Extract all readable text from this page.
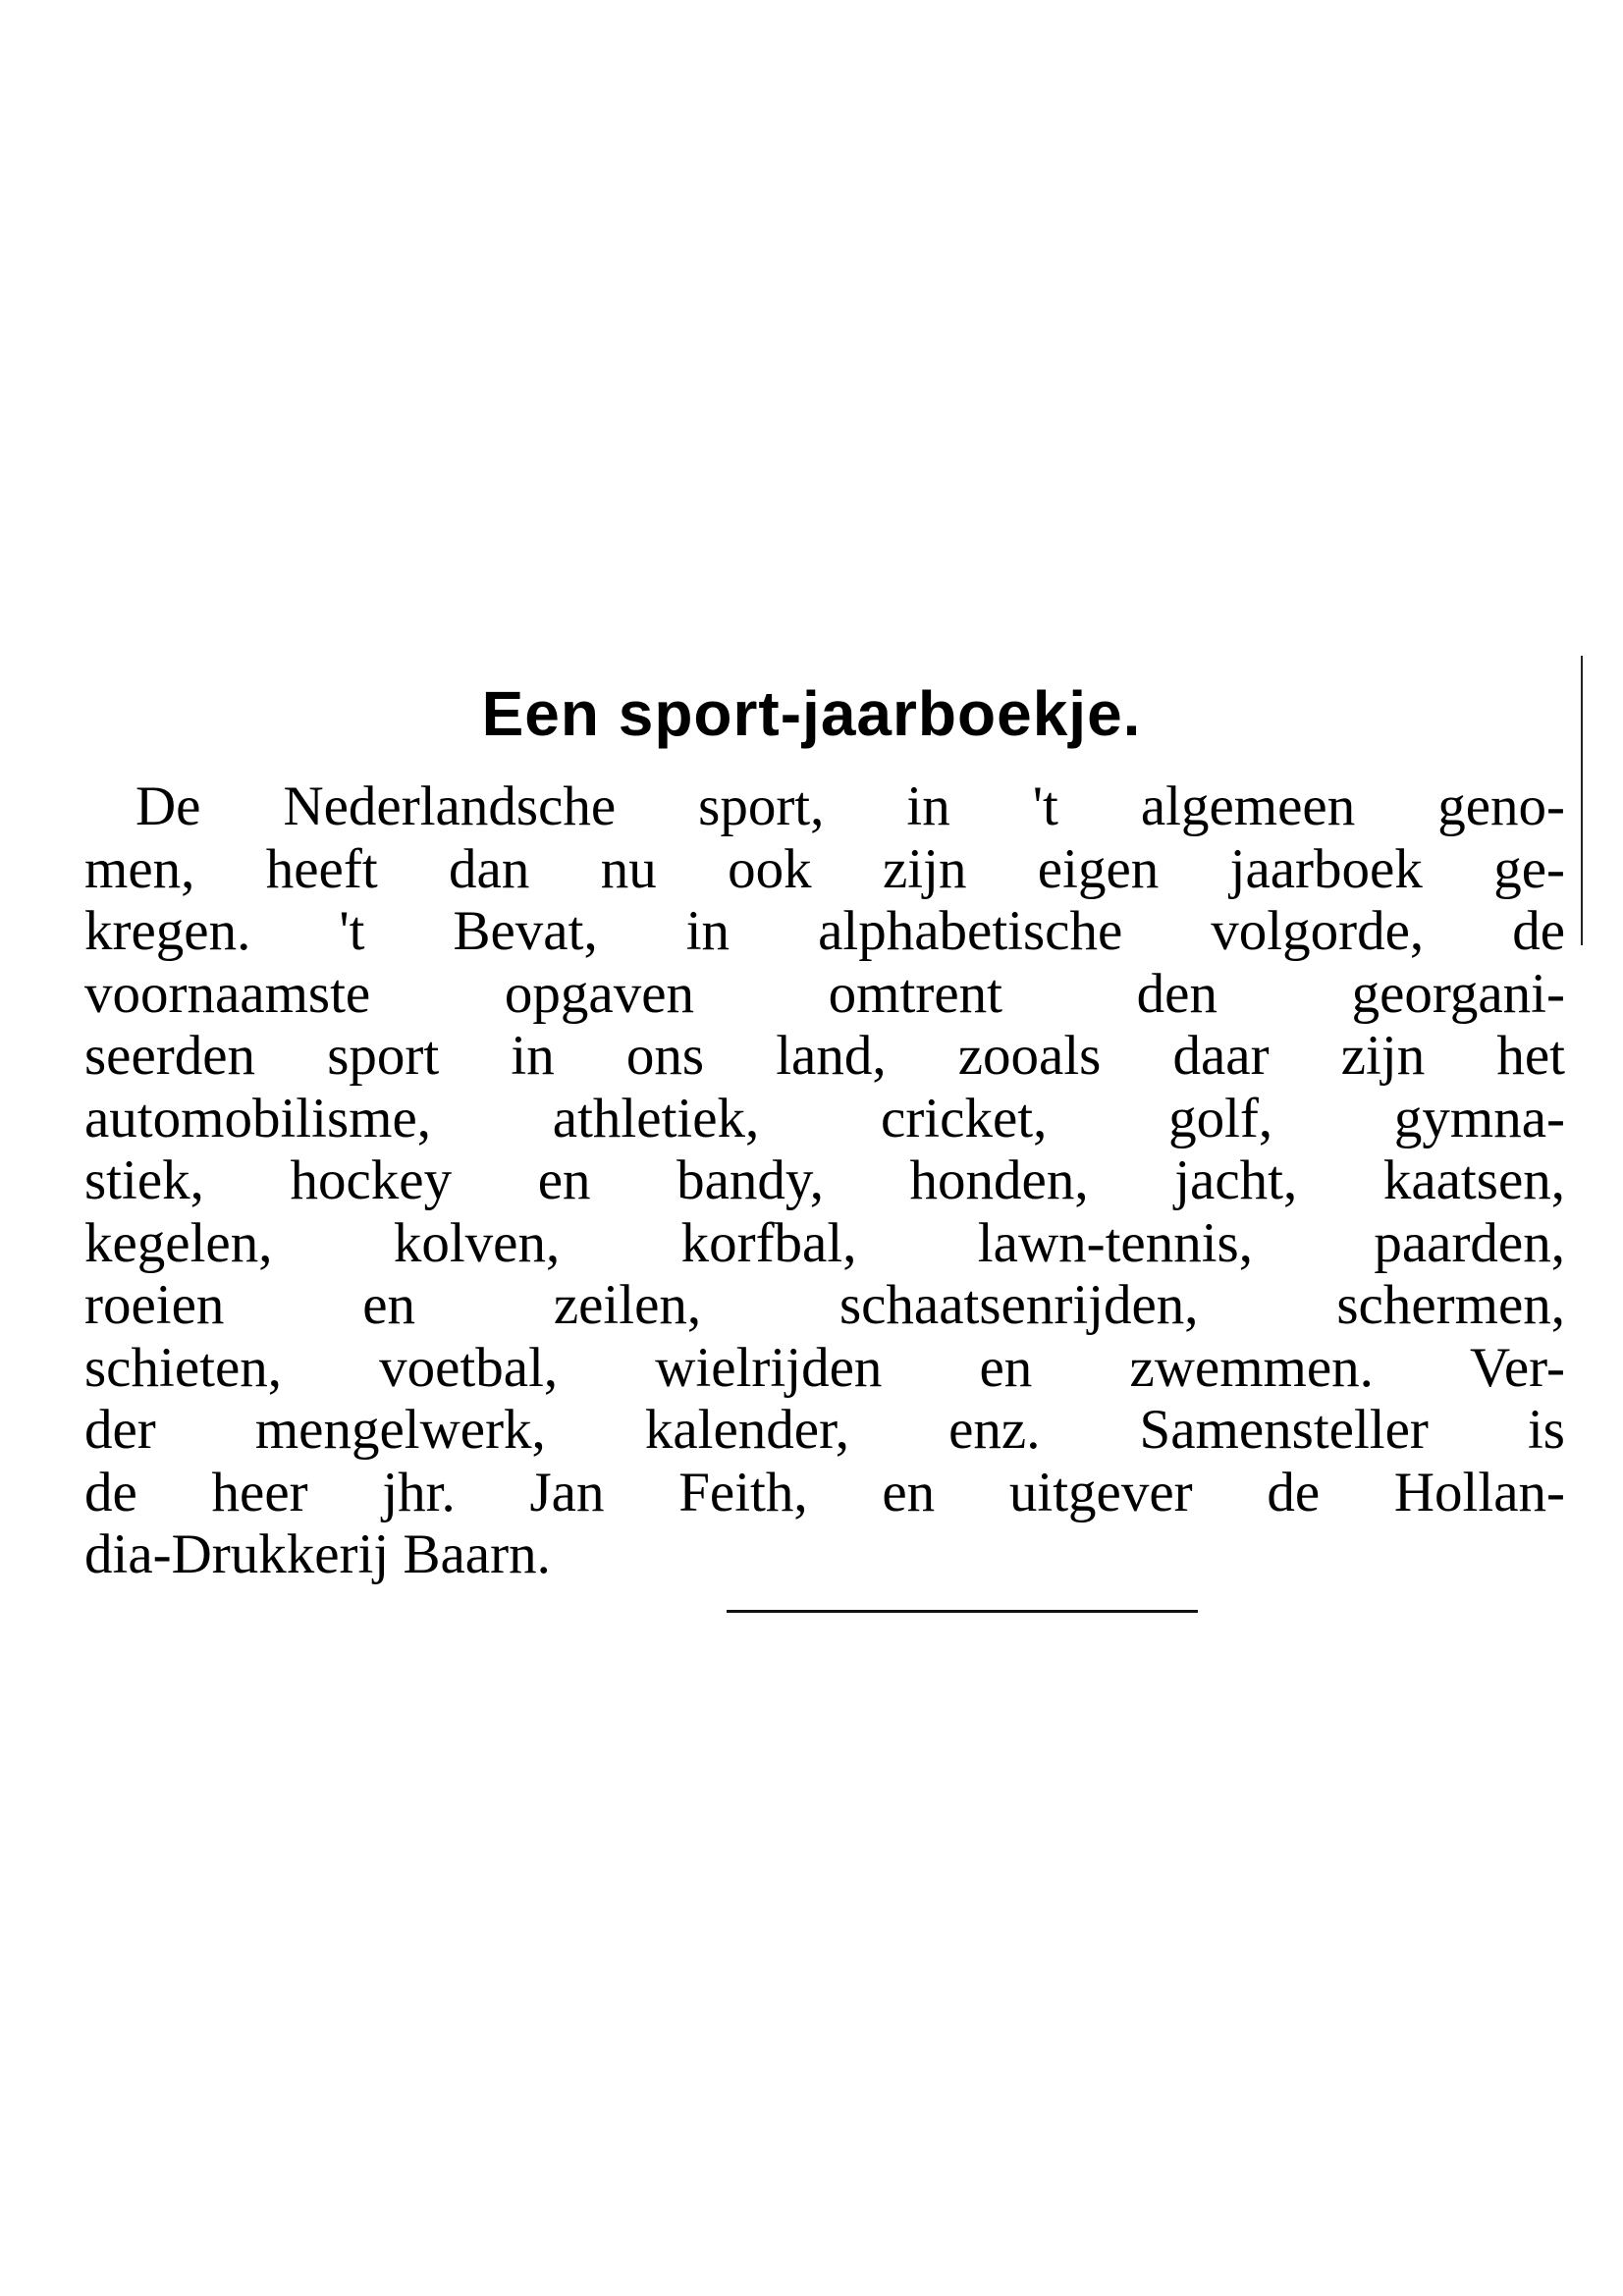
Een sport-jaarboekje.
De Nederlandsche sport, in 't algemeen geno-
men, heeft dan nu ook zijn eigen jaarboek ge-
kregen. 't Bevat, in alphabetische volgorde, de
voornaamste opgaven omtrent den georgani-
seerden sport in ons land, zooals daar zijn het
automobilisme, athletiek, cricket, golf, gymna-
stiek, hockey en bandy, honden, jacht, kaatsen,
kegelen, kolven, korfbal, lawn-tennis, paarden,
roeien en zeilen, schaatsenrijden, schermen,
schieten, voetbal, wielrijden en zwemmen. Ver-
der mengelwerk, kalender, enz. Samensteller is
de heer jhr. Jan Feith, en uitgever de Hollan-
dia-Drukkerij Baarn.
